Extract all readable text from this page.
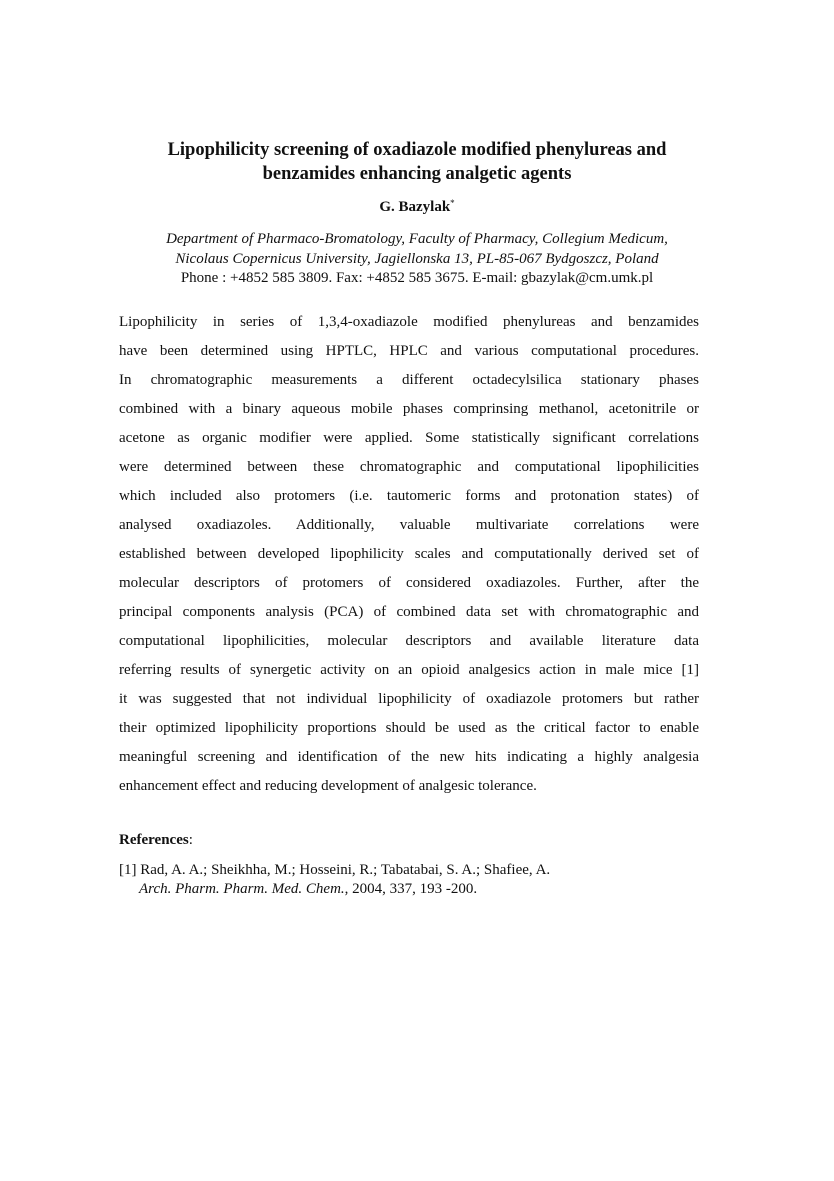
Lipophilicity screening of oxadiazole modified phenylureas and
benzamides enhancing analgetic agents
G. Bazylak*
Department of Pharmaco-Bromatology, Faculty of Pharmacy, Collegium Medicum,
Nicolaus Copernicus University, Jagiellonska 13, PL-85-067 Bydgoszcz, Poland
Phone : +4852 585 3809. Fax: +4852 585 3675. E-mail: gbazylak@cm.umk.pl
Lipophilicity in series of 1,3,4-oxadiazole modified phenylureas and benzamides
have been determined using HPTLC, HPLC and various computational procedures.
In chromatographic measurements a different octadecylsilica stationary phases
combined with a binary aqueous mobile phases comprinsing methanol, acetonitrile or
acetone as organic modifier were applied. Some statistically significant correlations
were determined between these chromatographic and computational lipophilicities
which included also protomers (i.e. tautomeric forms and protonation states) of
analysed oxadiazoles. Additionally, valuable multivariate correlations were
established between developed lipophilicity scales and computationally derived set of
molecular descriptors of protomers of considered oxadiazoles. Further, after the
principal components analysis (PCA) of combined data set with chromatographic and
computational lipophilicities, molecular descriptors and available literature data
referring results of synergetic activity on an opioid analgesics action in male mice [1]
it was suggested that not individual lipophilicity of oxadiazole protomers but rather
their optimized lipophilicity proportions should be used as the critical factor to enable
meaningful screening and identification of the new hits indicating a highly analgesia
enhancement effect and reducing development of analgesic tolerance.
References:
[1] Rad, A. A.; Sheikhha, M.; Hosseini, R.; Tabatabai, S. A.; Shafiee, A.
Arch. Pharm. Pharm. Med. Chem., 2004, 337, 193 -200.
